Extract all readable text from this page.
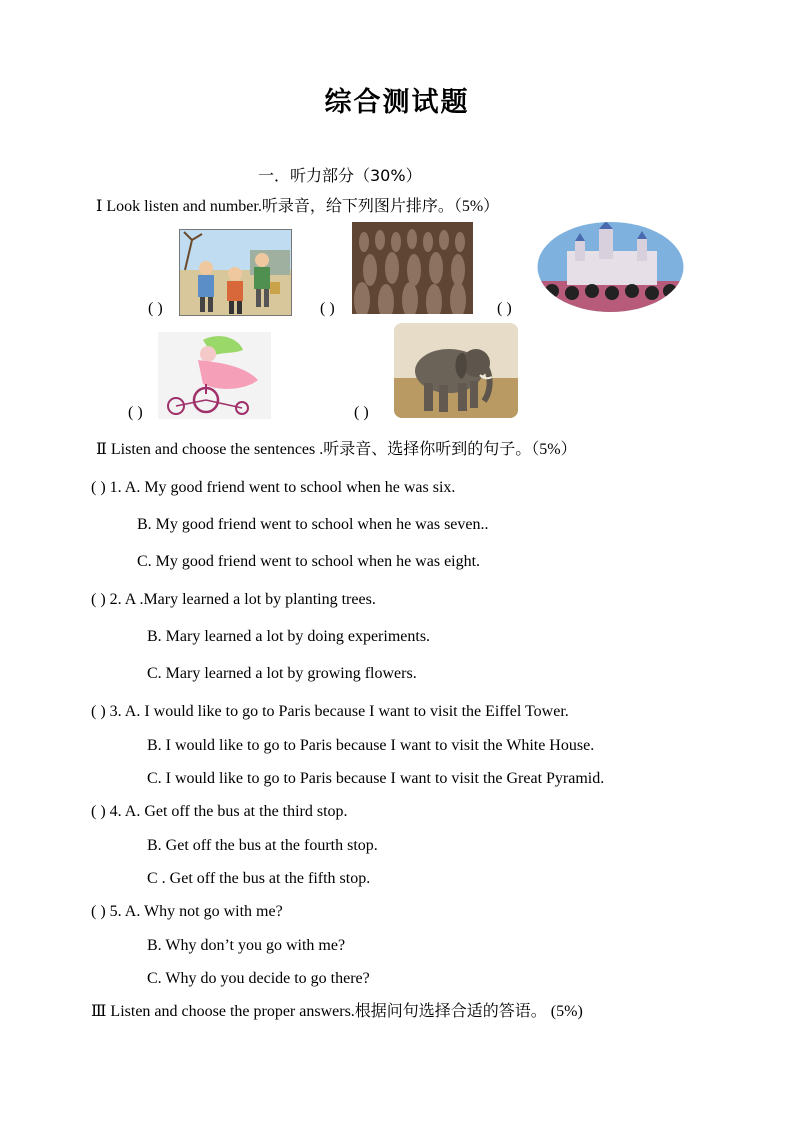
综合测试题
一．听力部分（30%）
Ⅰ Look listen and number.听录音，给下列图片排序。（5%）
( )	( )	( )
( )	( )
Ⅱ Listen and choose the sentences .听录音、选择你听到的句子。（5%）
( ) 1. A. My good friend went to school when he was six.
B. My good friend went to school when he was seven..
C. My good friend went to school when he was eight.
( ) 2. A .Mary learned a lot by planting trees.
B. Mary learned a lot by doing experiments.
C. Mary learned a lot by growing flowers.
( ) 3. A. I would like to go to Paris because I want to visit the Eiffel Tower.
B. I would like to go to Paris because I want to visit the White House.
C. I would like to go to Paris because I want to visit the Great Pyramid.
( ) 4. A. Get off the bus at the third stop.
B. Get off the bus at the fourth stop.
C . Get off the bus at the fifth stop.
( ) 5. A. Why not go with me?
B. Why don’t you go with me?
C. Why do you decide to go there?
Ⅲ Listen and choose the proper answers.根据问句选择合适的答语。 (5%)
